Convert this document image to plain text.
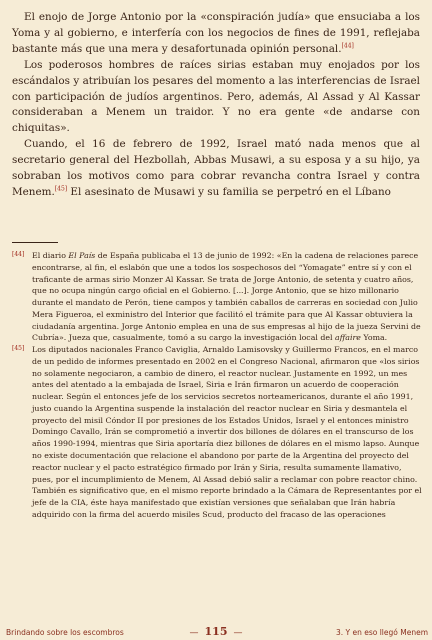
El enojo de Jorge Antonio por la «conspiración judía» que ensuciaba a los Yoma y al gobierno, e interfería con los negocios de fines de 1991, reflejaba bastante más que una mera y desafortunada opinión personal.[44]

Los poderosos hombres de raíces sirias estaban muy enojados por los escándalos y atribuían los pesares del momento a las interferencias de Israel con participación de judíos argentinos. Pero, además, Al Assad y Al Kassar consideraban a Menem un traidor. Y no era gente «de andarse con chiquitas».

Cuando, el 16 de febrero de 1992, Israel mató nada menos que al secretario general del Hezbollah, Abbas Musawi, a su esposa y a su hijo, ya sobraban los motivos como para cobrar revancha contra Israel y contra Menem.[45] El asesinato de Musawi y su familia se perpetró en el Líbano

[44] El diario El País de España publicaba el 13 de junio de 1992: «En la cadena de relaciones parece encontrarse, al fin, el eslabón que une a todos los sospechosos del “Yomagate” entre sí y con el traficante de armas sirio Monzer Al Kassar. Se trata de Jorge Antonio, de setenta y cuatro años, que no ocupa ningún cargo oficial en el Gobierno. [...]. Jorge Antonio, que se hizo millonario durante el mandato de Perón, tiene campos y también caballos de carreras en sociedad con Julio Mera Figueroa, el exministro del Interior que facilitó el trámite para que Al Kassar obtuviera la ciudadanía argentina. Jorge Antonio emplea en una de sus empresas al hijo de la jueza Servini de Cubría». Jueza que, casualmente, tomó a su cargo la investigación local del affaire Yoma.
[45] Los diputados nacionales Franco Caviglia, Arnaldo Lamisovsky y Guillermo Francos, en el marco de un pedido de informes presentado en 2002 en el Congreso Nacional, afirmaron que «los sirios no solamente negociaron, a cambio de dinero, el reactor nuclear. Justamente en 1992, un mes antes del atentado a la embajada de Israel, Siria e Irán firmaron un acuerdo de cooperación nuclear. Según el entonces jefe de los servicios secretos norteamericanos, durante el año 1991, justo cuando la Argentina suspende la instalación del reactor nuclear en Siria y desmantela el proyecto del misil Cóndor II por presiones de los Estados Unidos, Israel y el entonces ministro Domingo Cavallo, Irán se comprometió a invertir dos billones de dólares en el transcurso de los años 1990-1994, mientras que Siria aportaría diez billones de dólares en el mismo lapso. Aunque no existe documentación que relacione el abandono por parte de la Argentina del proyecto del reactor nuclear y el pacto estratégico firmado por Irán y Siria, resulta sumamente llamativo, pues, por el incumplimiento de Menem, Al Assad debió salir a reclamar con pobre reactor chino. También es significativo que, en el mismo reporte brindado a la Cámara de Representantes por el jefe de la CIA, éste haya manifestado que existían versiones que señalaban que Irán habría adquirido con la firma del acuerdo misiles Scud, producto del fracaso de las operaciones
Brindando sobre los escombros	— 115 —	3. Y en eso llegó Menem
